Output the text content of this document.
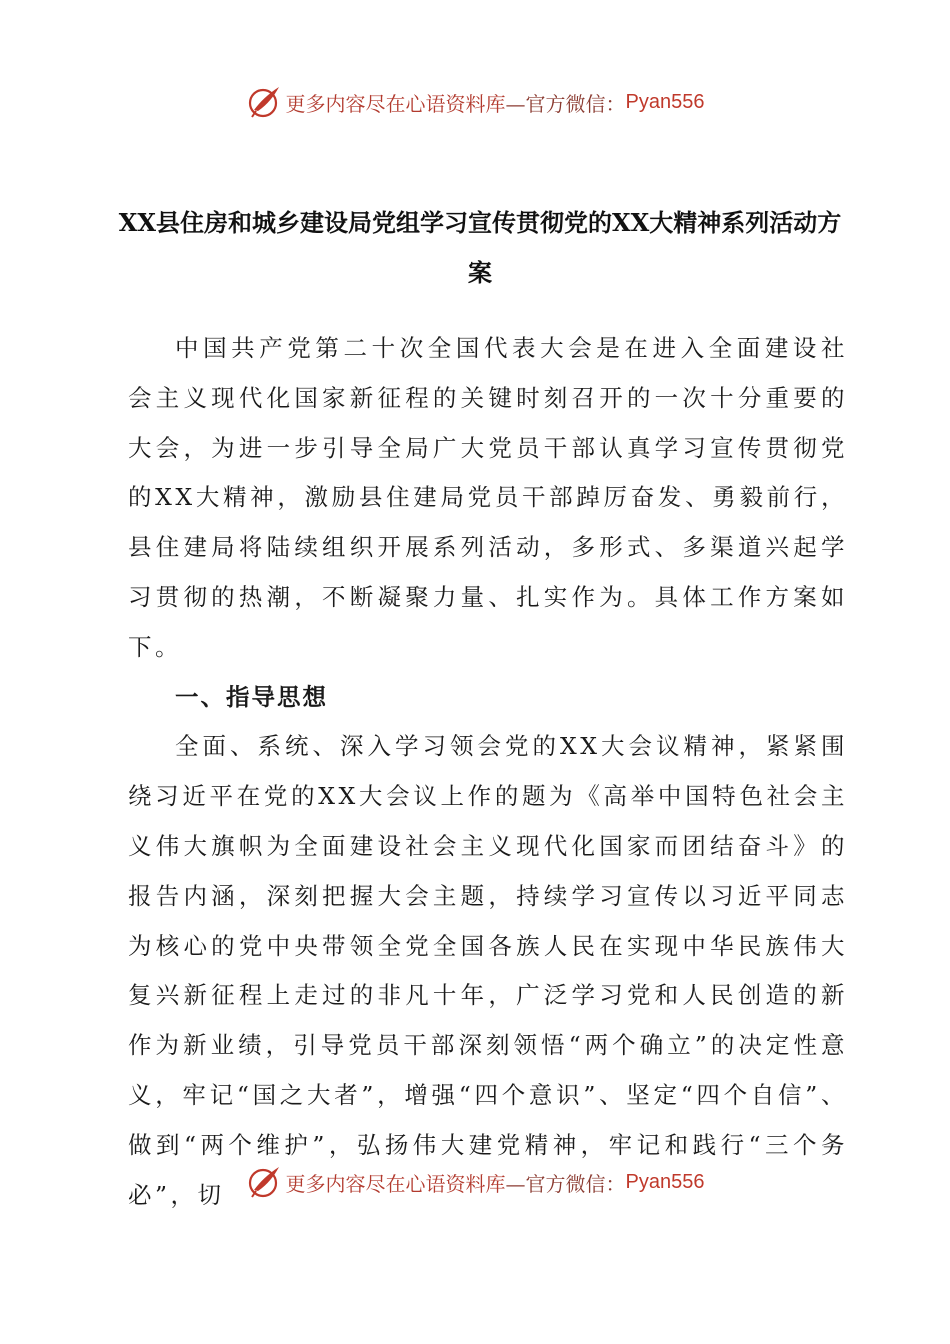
更多内容尽在心语资料库 —官方微信： Pyan556
XX县住房和城乡建设局党组学习宣传贯彻党的XX大精神系列活动方案

中国共产党第二十次全国代表大会是在进入全面建设社会主义现代化国家新征程的关键时刻召开的一次十分重要的大会，为进一步引导全局广大党员干部认真学习宣传贯彻党的XX大精神，激励县住建局党员干部踔厉奋发、勇毅前行，县住建局将陆续组织开展系列活动，多形式、多渠道兴起学习贯彻的热潮，不断凝聚力量、扎实作为。具体工作方案如下。

一、指导思想

全面、系统、深入学习领会党的XX大会议精神，紧紧围绕习近平在党的XX大会议上作的题为《高举中国特色社会主义伟大旗帜为全面建设社会主义现代化国家而团结奋斗》的报告内涵，深刻把握大会主题，持续学习宣传以习近平同志为核心的党中央带领全党全国各族人民在实现中华民族伟大复兴新征程上走过的非凡十年，广泛学习党和人民创造的新作为新业绩，引导党员干部深刻领悟“两个确立”的决定性意义，牢记“国之大者”，增强“四个意识”、坚定“四个自信”、做到“两个维护”，弘扬伟大建党精神，牢记和践行“三个务必”，切	更多内容尽在心语资料库 —官方微信： Pyan556
